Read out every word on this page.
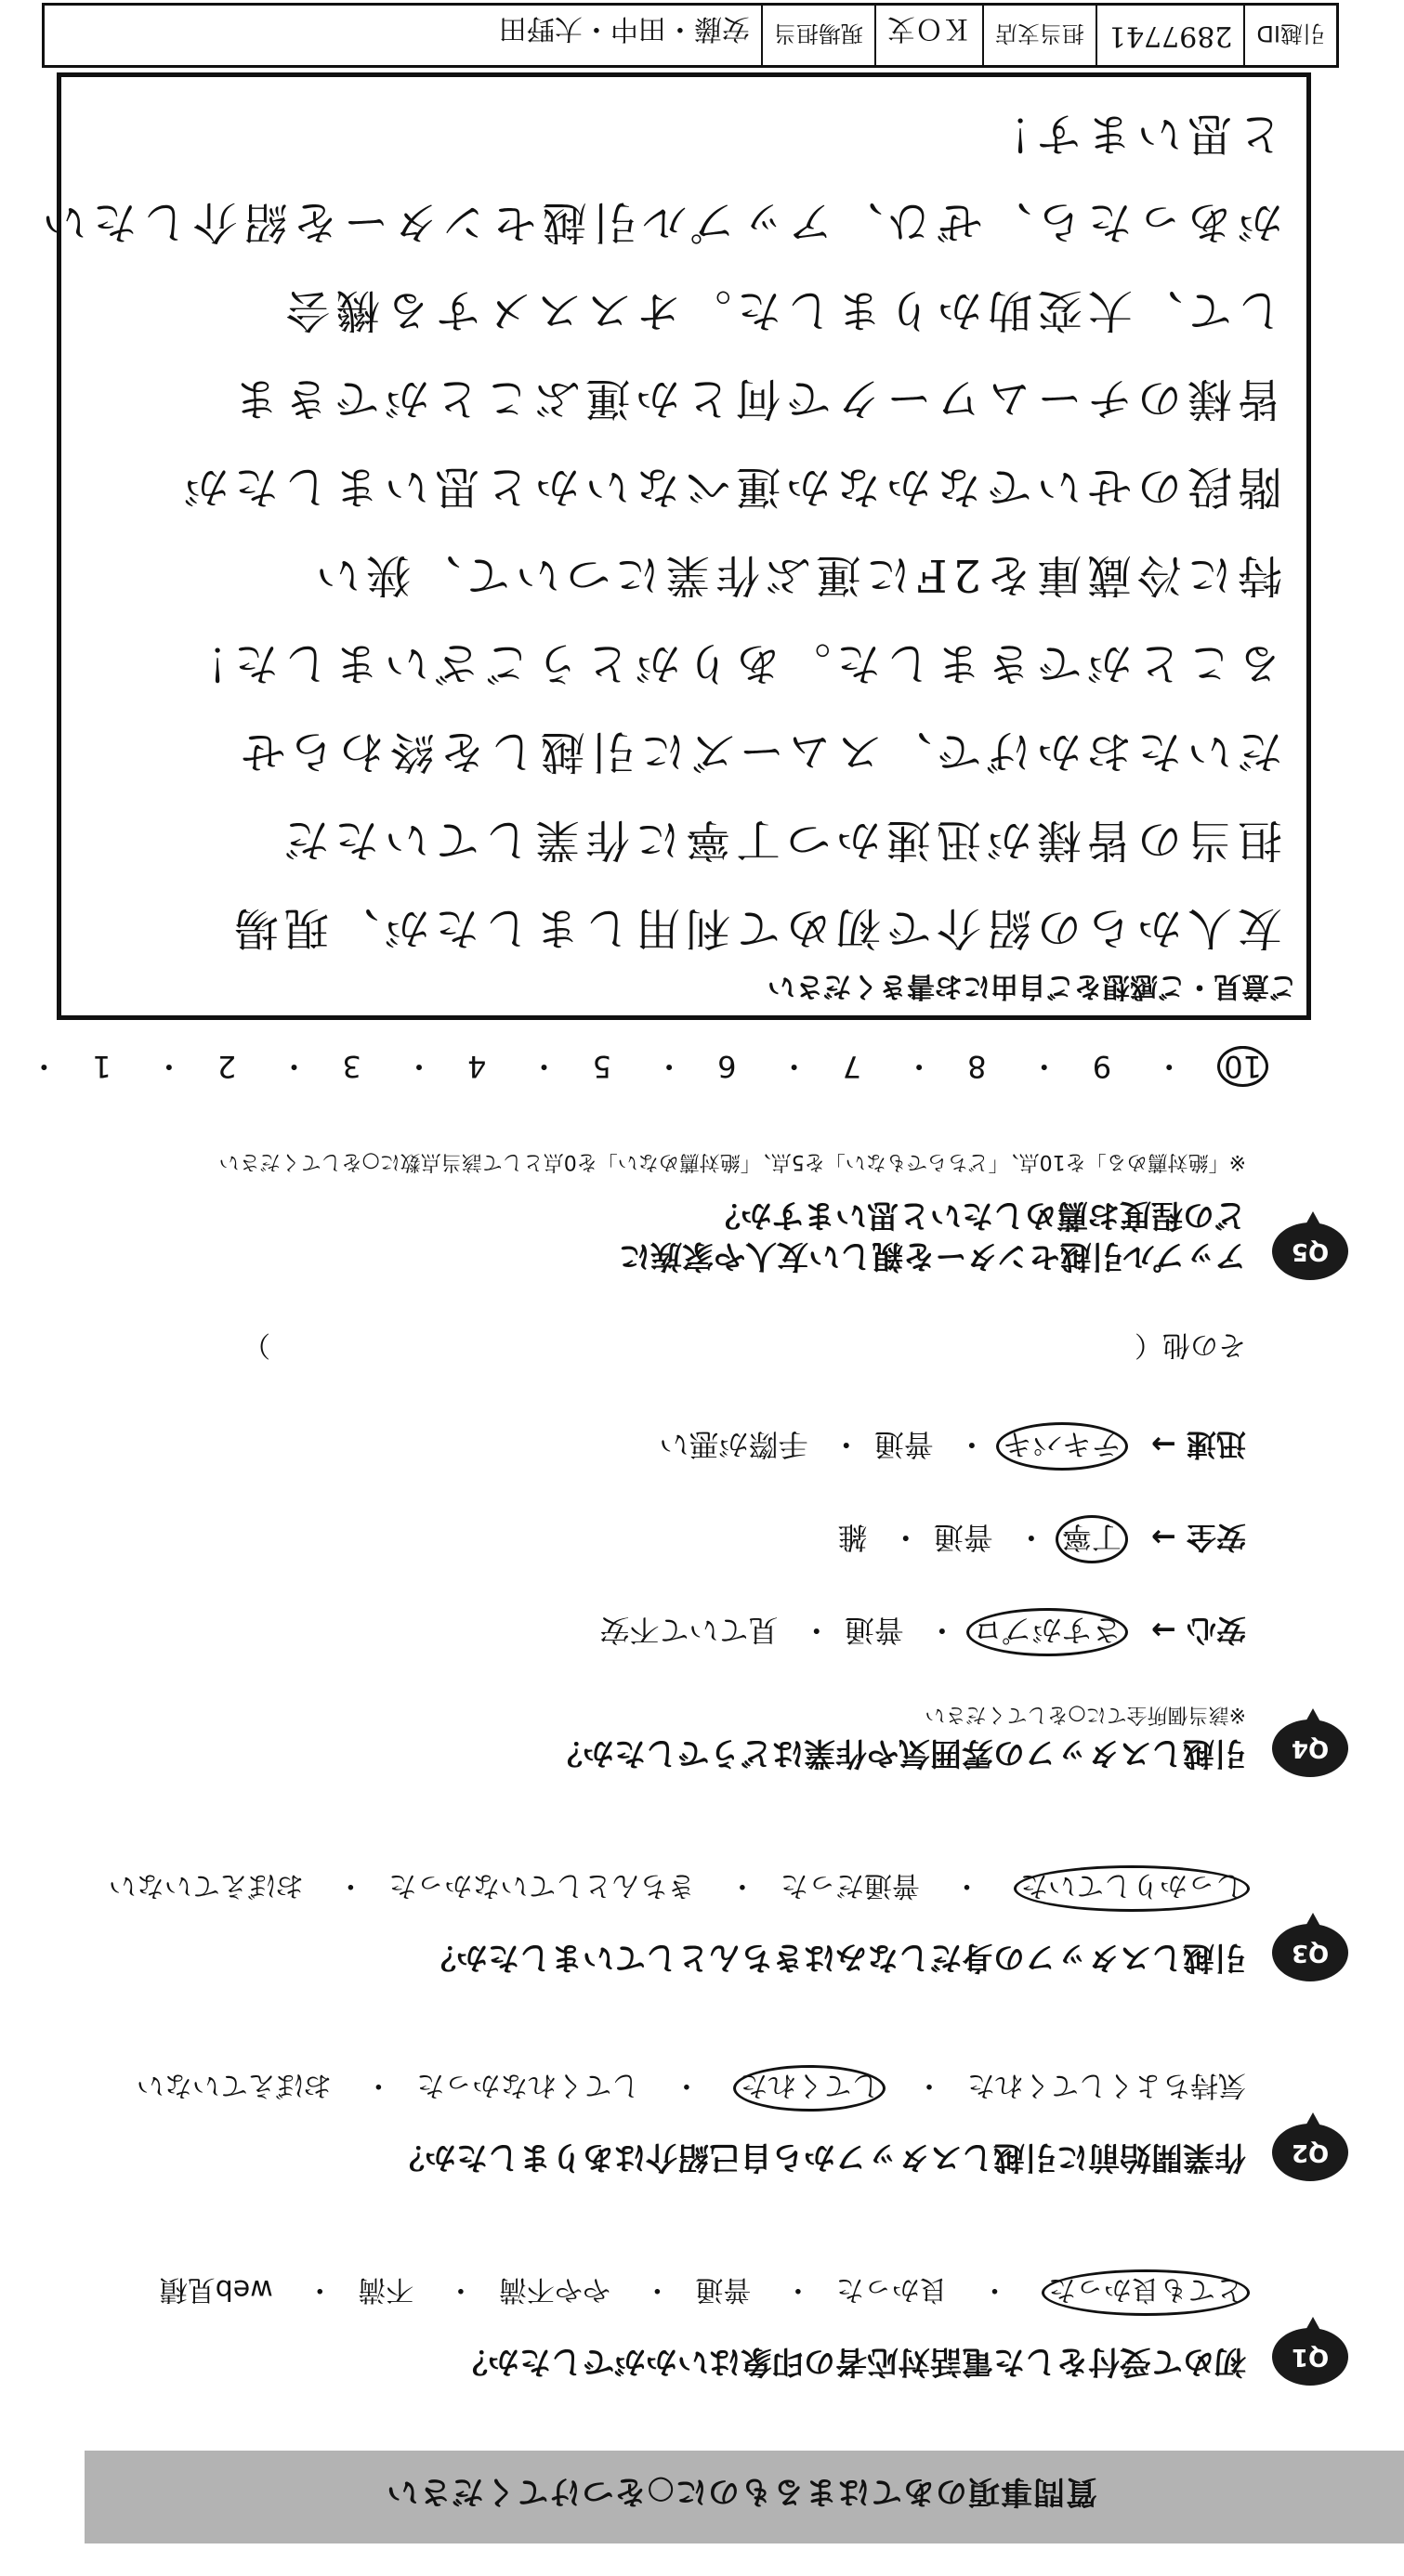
質問事項のあてはまるものに○をつけてください
Q1
初めて受付をした電話対応者の印象はいかがでしたか？
とても良かった ・ 良かった・ 普通・ やや不満・ 不満・ web見積
Q2
作業開始前に引越しスタッフから自己紹介はありましたか？
気持ちよくしてくれた・ してくれた ・ してくれなかった・ おぼえていない
Q3
引越しスタッフの身だしなみはきちんとしていましたか？
しっかりしていた ・ 普通だった・ きちんとしていなかった・ おぼえていない
Q4
引越しスタッフの雰囲気や作業はどうでしたか？
※該当個所全てに○をしてください
安心 → さすがプロ・ 普通・ 見ていて不安
安全 → 丁寧・ 普通・ 雑
迅速 → テキパキ・ 普通・ 手際が悪い
その他（　　　　　　　　　　　　　　　　　　　　　　　　　　　　　　　）
Q5
アップル引越センターを親しい友人や家族に
どの程度お薦めしたいと思いますか？
※「絶対薦める」を10点、「どちらでもない」を5点、「絶対薦めない」を0点として該当点数に○をしてください
10・ 9・ 8・ 7・ 6・ 5・ 4・ 3・ 2・ 1・
ご意見・ご感想をご自由にお書きください
友人からの紹介で初めて利用しましたが、現場
担当の皆様が迅速かつ丁寧に作業していただ
だいたおかげで、スムーズに引越しを終わらせ
ることができました。ありがとうございました！
特に冷蔵庫を2Fに運ぶ作業について、狭い
階段のせいでなかなか運べないかと思いましたが
皆様のチームワークで何とか運ぶことができま
して、大変助かりました。オススメする機会
があったら、ぜひ、アップル引越センターを紹介したい
と思います！
引越ID
2897741
担当支店
ＫＯ支
現場担当
安藤・田中・大野田
